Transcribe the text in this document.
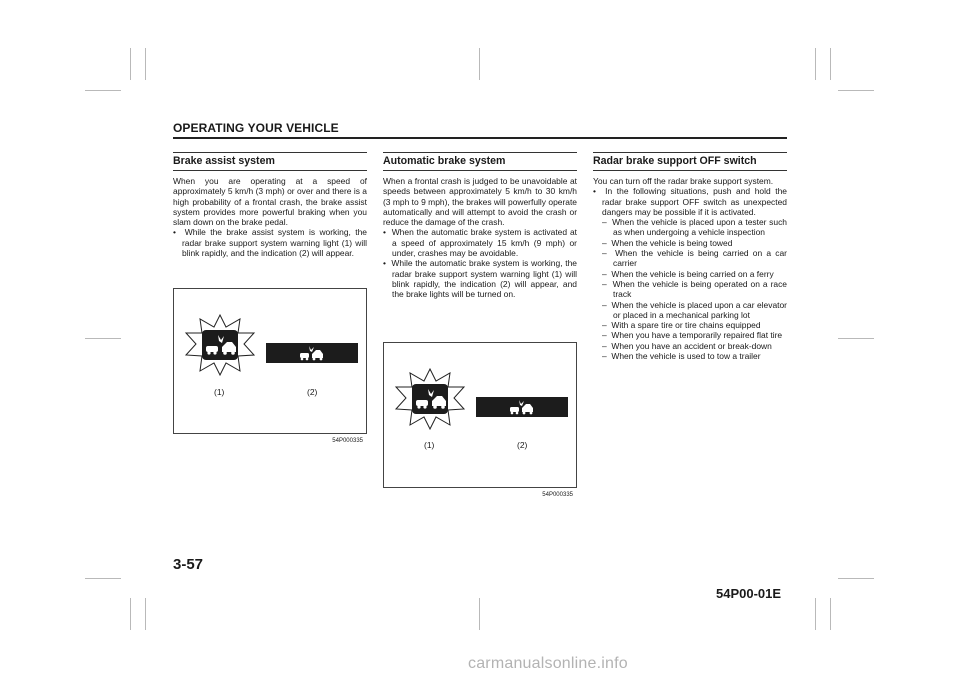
OPERATING YOUR VEHICLE
Brake assist system

When you are operating at a speed of approximately 5 km/h (3 mph) or over and there is a high probability of a frontal crash, the brake assist system provides more powerful braking when you slam down on the brake pedal.

•  While the brake assist system is working, the radar brake support system warning light (1) will blink rapidly, and the indication (2) will appear.
(1)	(2)
54P000335
Automatic brake system

When a frontal crash is judged to be unavoidable at speeds between approximately 5 km/h to 30 km/h (3 mph to 9 mph), the brakes will powerfully operate automatically and will attempt to avoid the crash or reduce the damage of the crash.

•  When the automatic brake system is activated at a speed of approximately 15 km/h (9 mph) or under, crashes may be avoidable.
•  While the automatic brake system is working, the radar brake support system warning light (1) will blink rapidly, the indication (2) will appear, and the brake lights will be turned on.
(1)	(2)
54P000335
Radar brake support OFF switch

You can turn off the radar brake support system.

•  In the following situations, push and hold the radar brake support OFF switch as unexpected dangers may be possible if it is activated.
–  When the vehicle is placed upon a tester such as when undergoing a vehicle inspection
–  When the vehicle is being towed
–  When the vehicle is being carried on a car carrier
–  When the vehicle is being carried on a ferry
–  When the vehicle is being operated on a race track
–  When the vehicle is placed upon a car elevator or placed in a mechanical parking lot
–  With a spare tire or tire chains equipped
–  When you have a temporarily repaired flat tire
–  When you have an accident or break-down
–  When the vehicle is used to tow a trailer
3-57
54P00-01E
carmanualsonline.info
